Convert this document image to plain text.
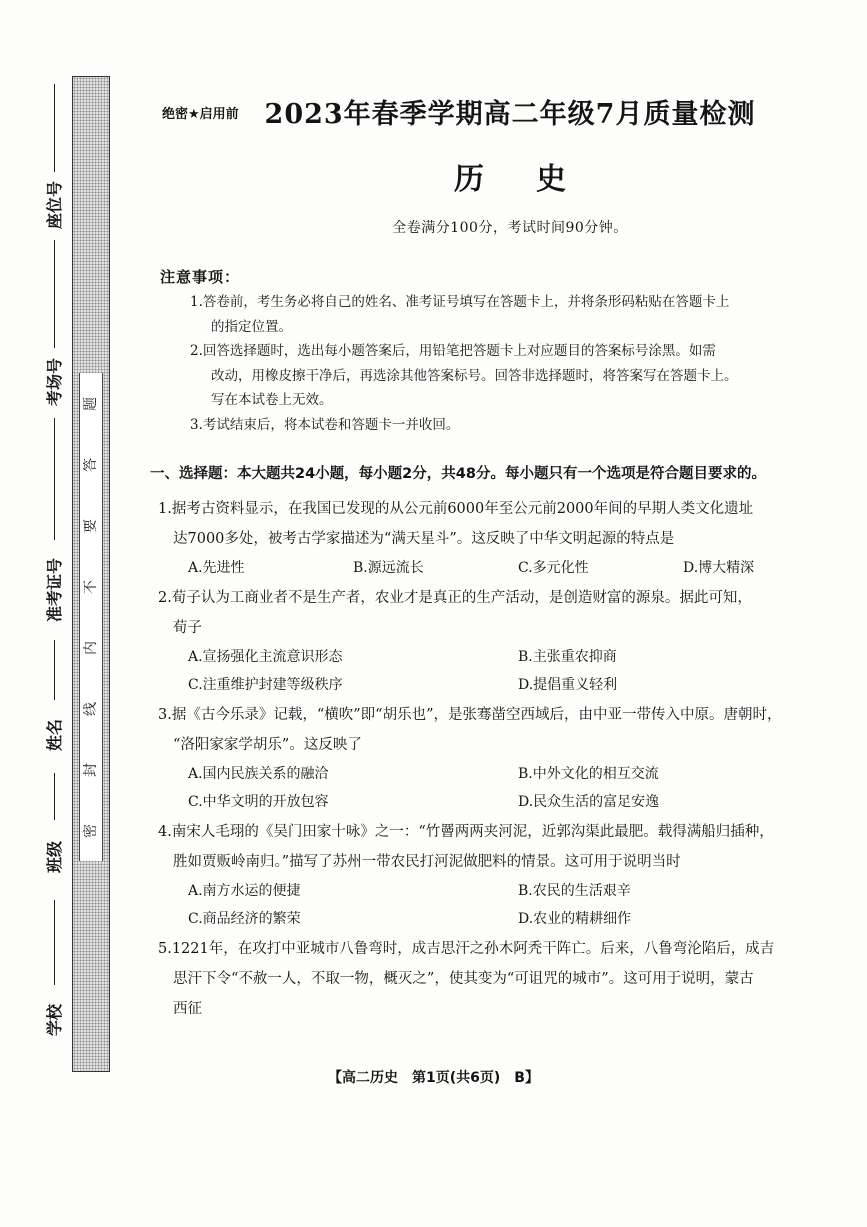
座位号
考场号
准考证号
姓名
班级
学校
密
封
线
内
不
要
答
题
绝密★启用前 2023年春季学期高二年级7月质量检测
历史
全卷满分100分，考试时间90分钟。
注意事项：
1.答卷前，考生务必将自己的姓名、准考证号填写在答题卡上，并将条形码粘贴在答题卡上
的指定位置。
2.回答选择题时，选出每小题答案后，用铅笔把答题卡上对应题目的答案标号涂黑。如需
改动，用橡皮擦干净后，再选涂其他答案标号。回答非选择题时，将答案写在答题卡上。
写在本试卷上无效。
3.考试结束后，将本试卷和答题卡一并收回。
一、选择题：本大题共24小题，每小题2分，共48分。每小题只有一个选项是符合题目要求的。
1.据考古资料显示，在我国已发现的从公元前6000年至公元前2000年间的早期人类文化遗址
达7000多处，被考古学家描述为“满天星斗”。这反映了中华文明起源的特点是
A.先进性	B.源远流长	C.多元化性	D.博大精深
2.荀子认为工商业者不是生产者，农业才是真正的生产活动，是创造财富的源泉。据此可知，
荀子
A.宣扬强化主流意识形态	B.主张重农抑商
C.注重维护封建等级秩序	D.提倡重义轻利
3.据《古今乐录》记载，“横吹”即“胡乐也”，是张骞凿空西域后，由中亚一带传入中原。唐朝时，
“洛阳家家学胡乐”。这反映了
A.国内民族关系的融洽	B.中外文化的相互交流
C.中华文明的开放包容	D.民众生活的富足安逸
4.南宋人毛珝的《吴门田家十咏》之一：“竹罾两两夹河泥，近郭沟渠此最肥。载得满船归插种，
胜如贾贩岭南归。”描写了苏州一带农民打河泥做肥料的情景。这可用于说明当时
A.南方水运的便捷	B.农民的生活艰辛
C.商品经济的繁荣	D.农业的精耕细作
5.1221年，在攻打中亚城市八鲁弯时，成吉思汗之孙木阿秃干阵亡。后来，八鲁弯沦陷后，成吉
思汗下令“不赦一人，不取一物，概灭之”，使其变为“可诅咒的城市”。这可用于说明，蒙古
西征
【高二历史　第1页(共6页)　B】
